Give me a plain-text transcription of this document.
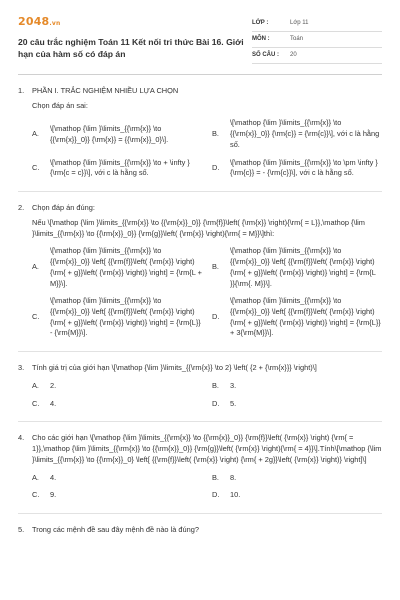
2048.vn
20 câu trắc nghiệm Toán 11 Kết nối tri thức Bài 16. Giới hạn của hàm số có đáp án
LỚP :	Lớp 11
MÔN :	Toán
SỐ CÂU :	20
1.	PHẦN I. TRẮC NGHIỆM NHIỀU LỰA CHỌN
Chọn đáp án sai:
A.
\[\mathop {\lim }\limits_{{\rm{x}} \to {{\rm{x}}_0}} {\rm{x}} = {{\rm{x}}_0}\].
B.
\[\mathop {\lim }\limits_{{\rm{x}} \to {{\rm{x}}_0}} {\rm{c}} = {\rm{c}}\], với c là hằng số.
C.
\[\mathop {\lim }\limits_{{\rm{x}} \to + \infty } {\rm{c = c}}\], với c là hằng số.
D.
\[\mathop {\lim }\limits_{{\rm{x}} \to \pm \infty } {\rm{c}} = - {\rm{c}}\], với c là hằng số.
2.	Chọn đáp án đúng:
Nếu \[\mathop {\lim }\limits_{{\rm{x}} \to {{\rm{x}}_0}} {\rm{f}}\left( {\rm{x}} \right){\rm{ = L}},\mathop {\lim }\limits_{{\rm{x}} \to {{\rm{x}}_0}} {\rm{g}}\left( {\rm{x}} \right){\rm{ = M}}\]thì:
A.
\[\mathop {\lim }\limits_{{\rm{x}} \to {{\rm{x}}_0}} \left[ {{\rm{f}}\left( {\rm{x}} \right){\rm{ + g}}\left( {\rm{x}} \right)} \right] = {\rm{L + M}}\].
B.
\[\mathop {\lim }\limits_{{\rm{x}} \to {{\rm{x}}_0}} \left[ {{\rm{f}}\left( {\rm{x}} \right){\rm{ + g}}\left( {\rm{x}} \right)} \right] = {\rm{L }}{\rm{. M}}\].
C.
\[\mathop {\lim }\limits_{{\rm{x}} \to {{\rm{x}}_0}} \left[ {{\rm{f}}\left( {\rm{x}} \right){\rm{ + g}}\left( {\rm{x}} \right)} \right] = {\rm{L}} - {\rm{M}}\].
D.
\[\mathop {\lim }\limits_{{\rm{x}} \to {{\rm{x}}_0}} \left[ {{\rm{f}}\left( {\rm{x}} \right){\rm{ + g}}\left( {\rm{x}} \right)} \right] = {\rm{L}} + 3{\rm{M}}\].
3.	Tính giá trị của giới hạn \[\mathop {\lim }\limits_{{\rm{x}} \to 2} \left( {2 + {\rm{x}}} \right)\]
A.	2.	B.	3.
C.	4.	D.	5.
4.	Cho các giới hạn \[\mathop {\lim }\limits_{{\rm{x}} \to {{\rm{x}}_0}} {\rm{f}}\left( {\rm{x}} \right) {\rm{ = 1}},\mathop {\lim }\limits_{{\rm{x}} \to {{\rm{x}}_0}} {\rm{g}}\left( {\rm{x}} \right){\rm{ = 4}}\].Tính\[\mathop {\lim }\limits_{{\rm{x}} \to {{\rm{x}}_0} \left[ {{\rm{f}}\left( {\rm{x}} \right) {\rm{ + 2g}}\left( {\rm{x}} \right)} \right]\]
A.	4.	B.	8.
C.	9.	D.	10.
5.	Trong các mệnh đề sau đây mệnh đề nào là đúng?
